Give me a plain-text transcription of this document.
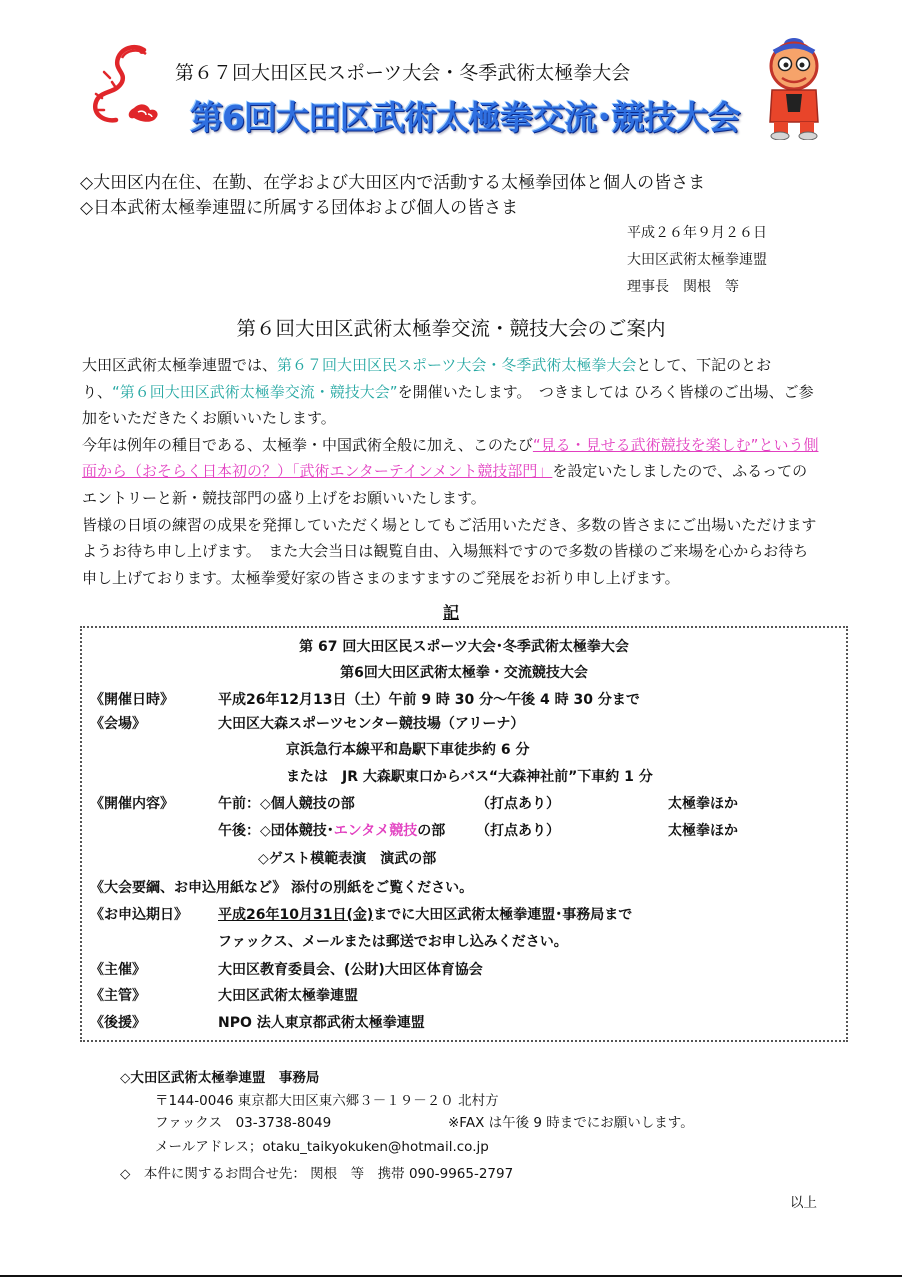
第６７回大田区民スポーツ大会・冬季武術太極拳大会
第6回大田区武術太極拳交流･競技大会
◇大田区内在住、在勤、在学および大田区内で活動する太極拳団体と個人の皆さま
◇日本武術太極拳連盟に所属する団体および個人の皆さま
平成２６年９月２６日
大田区武術太極拳連盟
理事長　関根　等
第６回大田区武術太極拳交流・競技大会のご案内

大田区武術太極拳連盟では、第６７回大田区民スポーツ大会・冬季武術太極拳大会として、下記のとおり、“第６回大田区武術太極拳交流・競技大会”を開催いたします。　つきましては ひろく皆様のご出場、ご参加をいただきたくお願いいたします。

今年は例年の種目である、太極拳・中国武術全般に加え、このたび“見る・見せる武術競技を楽しむ”という側面から（おそらく日本初の？）「武術エンターテインメント競技部門」を設定いたしましたので、ふるってのエントリーと新・競技部門の盛り上げをお願いいたします。

皆様の日頃の練習の成果を発揮していただく場としてもご活用いただき、多数の皆さまにご出場いただけますようお待ち申し上げます。　また大会当日は観覧自由、入場無料ですので多数の皆様のご来場を心からお待ち申し上げております。太極拳愛好家の皆さまのますますのご発展をお祈り申し上げます。

記
第 67 回大田区民スポーツ大会･冬季武術太極拳大会
第6回大田区武術太極拳・交流競技大会
《開催日時》	平成26年12月13日（土）午前 9 時 30 分～午後 4 時 30 分まで
《会場》	大田区大森スポーツセンター競技場（アリーナ）
京浜急行本線平和島駅下車徒歩約 6 分
または　JR 大森駅東口からバス“大森神社前”下車約 1 分
《開催内容》	午前：◇個人競技の部	（打点あり）	太極拳ほか
午後：◇団体競技･エンタメ競技の部 （打点あり）	太極拳ほか
◇ゲスト模範表演　演武の部
《大会要綱、お申込用紙など》 添付の別紙をご覧ください。
《お申込期日》 平成26年10月31日(金)までに大田区武術太極拳連盟･事務局まで
ファックス、メールまたは郵送でお申し込みください。
《主催》	大田区教育委員会、(公財)大田区体育協会
《主管》	大田区武術太極拳連盟
《後援》	NPO 法人東京都武術太極拳連盟
◇大田区武術太極拳連盟　事務局
〒144-0046 東京都大田区東六郷３－１９－２０ 北村方
ファックス　03-3738-8049	※FAX は午後 9 時までにお願いします。
メールアドレス；otaku_taikyokuken@hotmail.co.jp
◇　本件に関するお問合せ先： 関根　等　携帯 090-9965-2797
以上
